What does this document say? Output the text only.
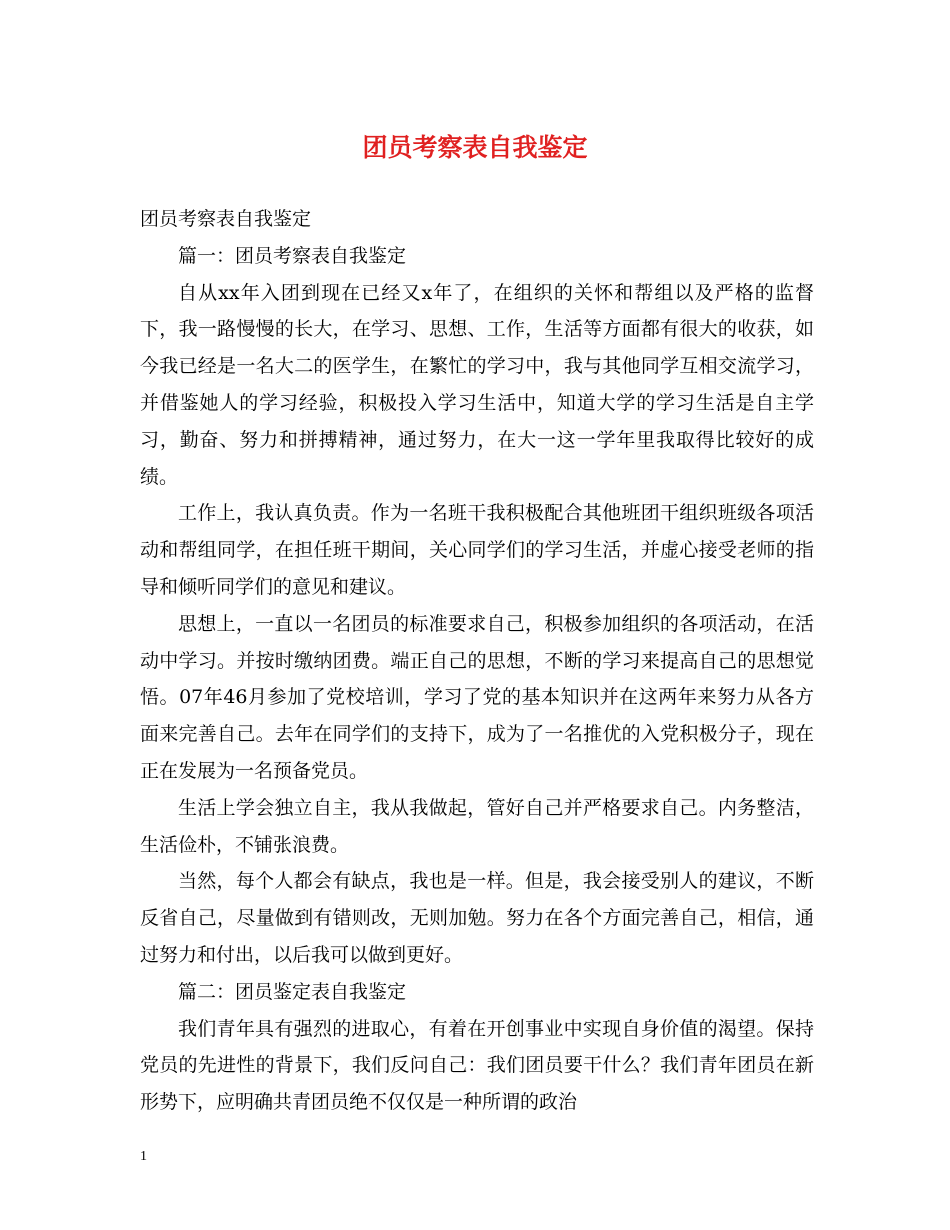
团员考察表自我鉴定

团员考察表自我鉴定

篇一：团员考察表自我鉴定

自从xx年入团到现在已经又x年了，在组织的关怀和帮组以及严格的监督下，我一路慢慢的长大，在学习、思想、工作，生活等方面都有很大的收获，如今我已经是一名大二的医学生，在繁忙的学习中，我与其他同学互相交流学习，并借鉴她人的学习经验，积极投入学习生活中，知道大学的学习生活是自主学习，勤奋、努力和拼搏精神，通过努力，在大一这一学年里我取得比较好的成绩。

工作上，我认真负责。作为一名班干我积极配合其他班团干组织班级各项活动和帮组同学，在担任班干期间，关心同学们的学习生活，并虚心接受老师的指导和倾听同学们的意见和建议。

思想上，一直以一名团员的标准要求自己，积极参加组织的各项活动，在活动中学习。并按时缴纳团费。端正自己的思想，不断的学习来提高自己的思想觉悟。07年46月参加了党校培训，学习了党的基本知识并在这两年来努力从各方面来完善自己。去年在同学们的支持下，成为了一名推优的入党积极分子，现在正在发展为一名预备党员。

生活上学会独立自主，我从我做起，管好自己并严格要求自己。内务整洁，生活俭朴，不铺张浪费。

当然，每个人都会有缺点，我也是一样。但是，我会接受别人的建议，不断反省自己，尽量做到有错则改，无则加勉。努力在各个方面完善自己，相信，通过努力和付出，以后我可以做到更好。

篇二：团员鉴定表自我鉴定

我们青年具有强烈的进取心，有着在开创事业中实现自身价值的渴望。保持党员的先进性的背景下，我们反问自己：我们团员要干什么？我们青年团员在新形势下，应明确共青团员绝不仅仅是一种所谓的政治

1
